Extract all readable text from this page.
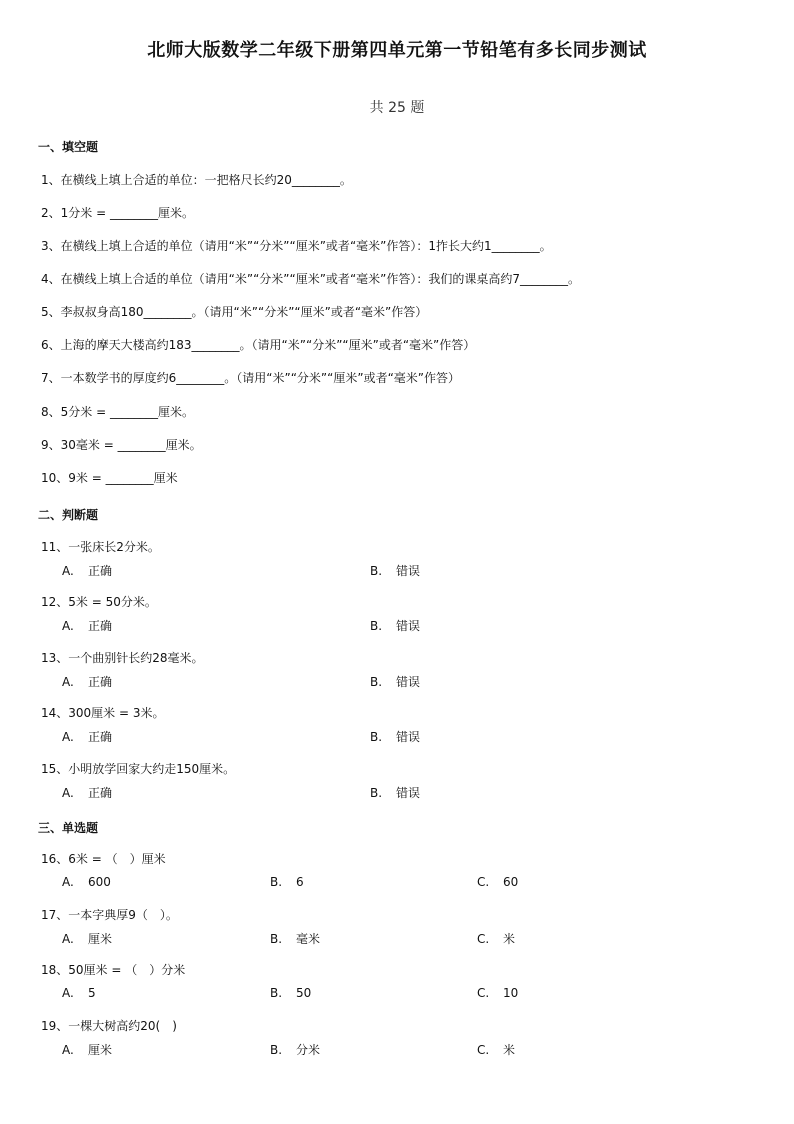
北师大版数学二年级下册第四单元第一节铅笔有多长同步测试
共 25 题
一、填空题
1、在横线上填上合适的单位：一把格尺长约20________。
2、1分米 = ________厘米。
3、在横线上填上合适的单位（请用“米”“分米”“厘米”或者“毫米”作答）：1拃长大约1________。
4、在横线上填上合适的单位（请用“米”“分米”“厘米”或者“毫米”作答）：我们的课桌高约7________。
5、李叔叔身高180________。（请用“米”“分米”“厘米”或者“毫米”作答）
6、上海的摩天大楼高约183________。（请用“米”“分米”“厘米”或者“毫米”作答）
7、一本数学书的厚度约6________。（请用“米”“分米”“厘米”或者“毫米”作答）
8、5分米 = ________厘米。
9、30毫米 = ________厘米。
10、9米 = ________厘米
二、判断题
11、一张床长2分米。
A. 正确	B. 错误
12、5米 = 50分米。
A. 正确	B. 错误
13、一个曲别针长约28毫米。
A. 正确	B. 错误
14、300厘米 = 3米。
A. 正确	B. 错误
15、小明放学回家大约走150厘米。
A. 正确	B. 错误
三、单选题
16、6米 = （　）厘米
A. 600	B. 6	C. 60
17、一本字典厚9（　）。
A. 厘米	B. 毫米	C. 米
18、50厘米 = （　）分米
A. 5	B. 50	C. 10
19、一棵大树高约20(　)
A. 厘米	B. 分米	C. 米
